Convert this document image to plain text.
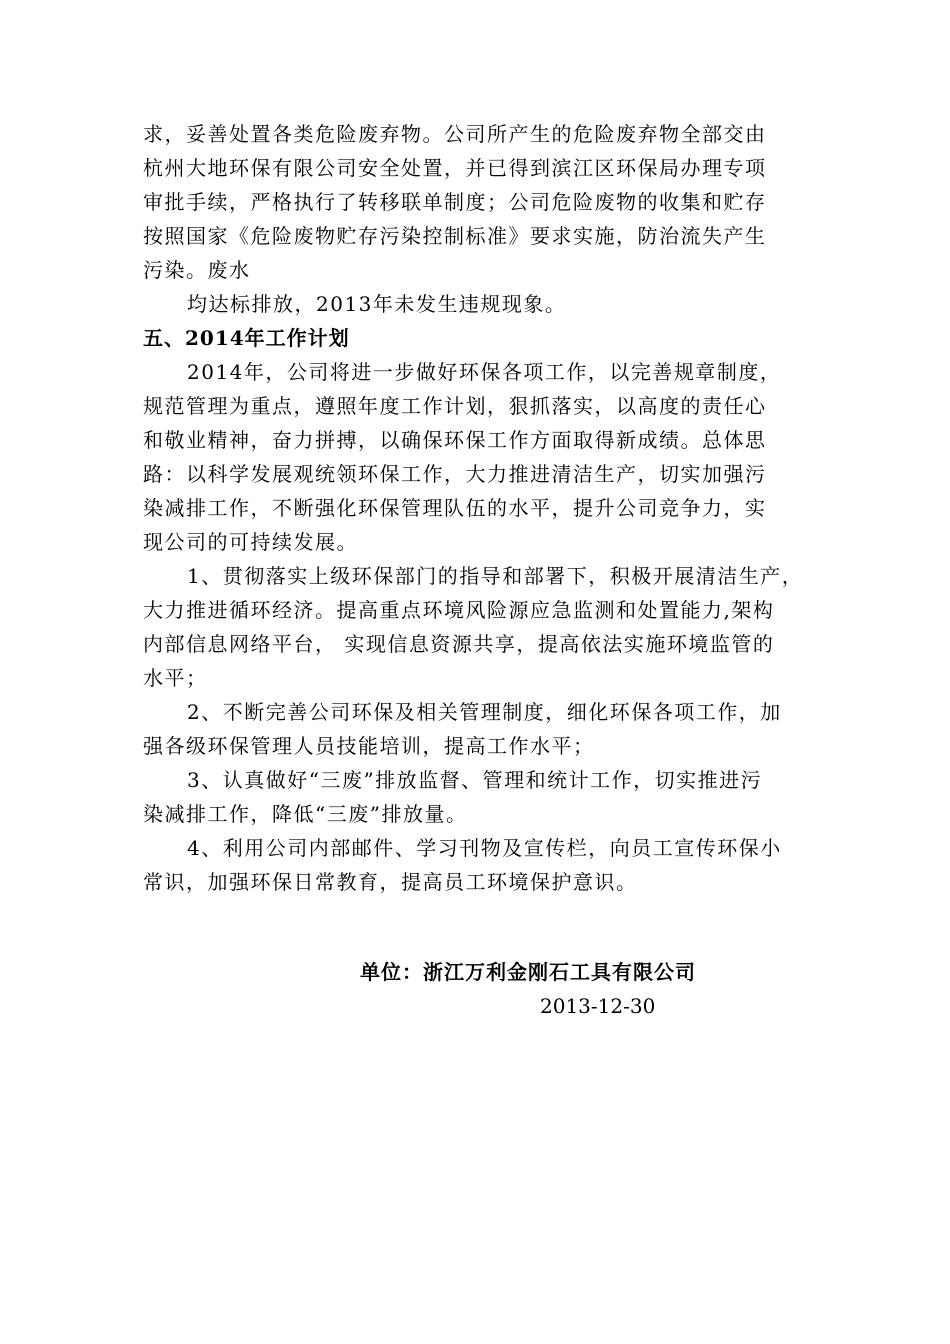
求，妥善处置各类危险废弃物。公司所产生的危险废弃物全部交由
杭州大地环保有限公司安全处置，并已得到滨江区环保局办理专项
审批手续，严格执行了转移联单制度；公司危险废物的收集和贮存
按照国家《危险废物贮存污染控制标准》要求实施，防治流失产生
污染。废水
均达标排放，2013年未发生违规现象。
五、2014年工作计划
2014年，公司将进一步做好环保各项工作，以完善规章制度，
规范管理为重点，遵照年度工作计划，狠抓落实，以高度的责任心
和敬业精神，奋力拼搏，以确保环保工作方面取得新成绩。总体思
路：以科学发展观统领环保工作，大力推进清洁生产，切实加强污
染减排工作，不断强化环保管理队伍的水平，提升公司竞争力，实
现公司的可持续发展。
1、贯彻落实上级环保部门的指导和部署下，积极开展清洁生产，
大力推进循环经济。提高重点环境风险源应急监测和处置能力,架构
内部信息网络平台， 实现信息资源共享，提高依法实施环境监管的
水平；
2、不断完善公司环保及相关管理制度，细化环保各项工作，加
强各级环保管理人员技能培训，提高工作水平；
3、认真做好“三废”排放监督、管理和统计工作，切实推进污
染减排工作，降低“三废”排放量。
4、利用公司内部邮件、学习刊物及宣传栏，向员工宣传环保小
常识，加强环保日常教育，提高员工环境保护意识。
单位：浙江万利金刚石工具有限公司
2013-12-30
